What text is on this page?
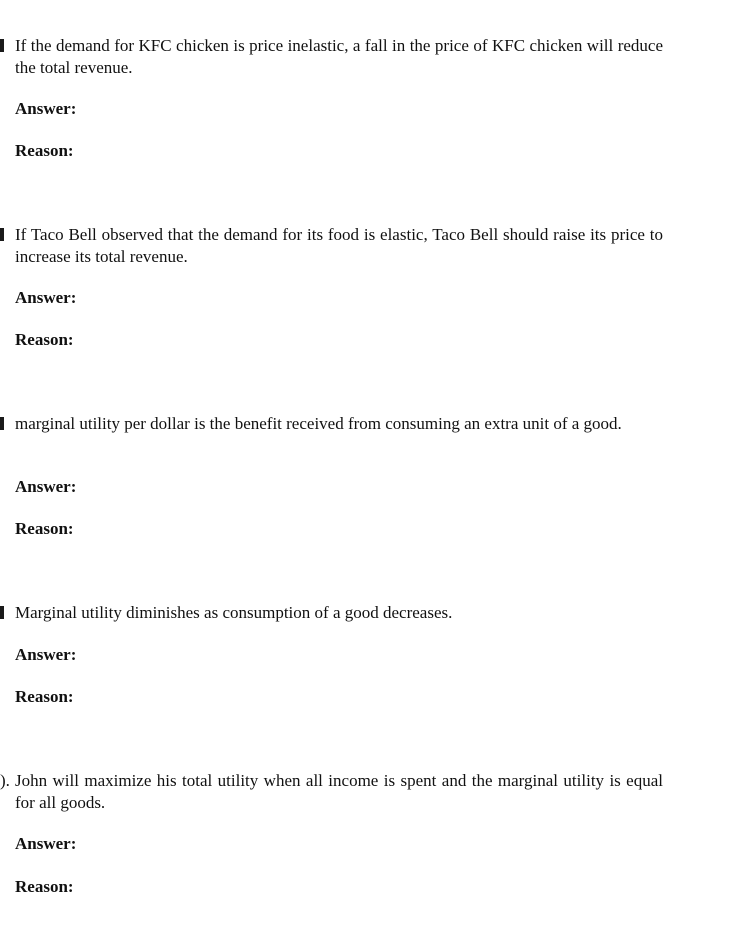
If the demand for KFC chicken is price inelastic, a fall in the price of KFC chicken will reduce the total revenue.

Answer:

Reason:

If Taco Bell observed that the demand for its food is elastic, Taco Bell should raise its price to increase its total revenue.

Answer:

Reason:

marginal utility per dollar is the benefit received from consuming an extra unit of a good.

Answer:

Reason:

Marginal utility diminishes as consumption of a good decreases.

Answer:

Reason:

). John will maximize his total utility when all income is spent and the marginal utility is equal for all goods.

Answer:

Reason:
